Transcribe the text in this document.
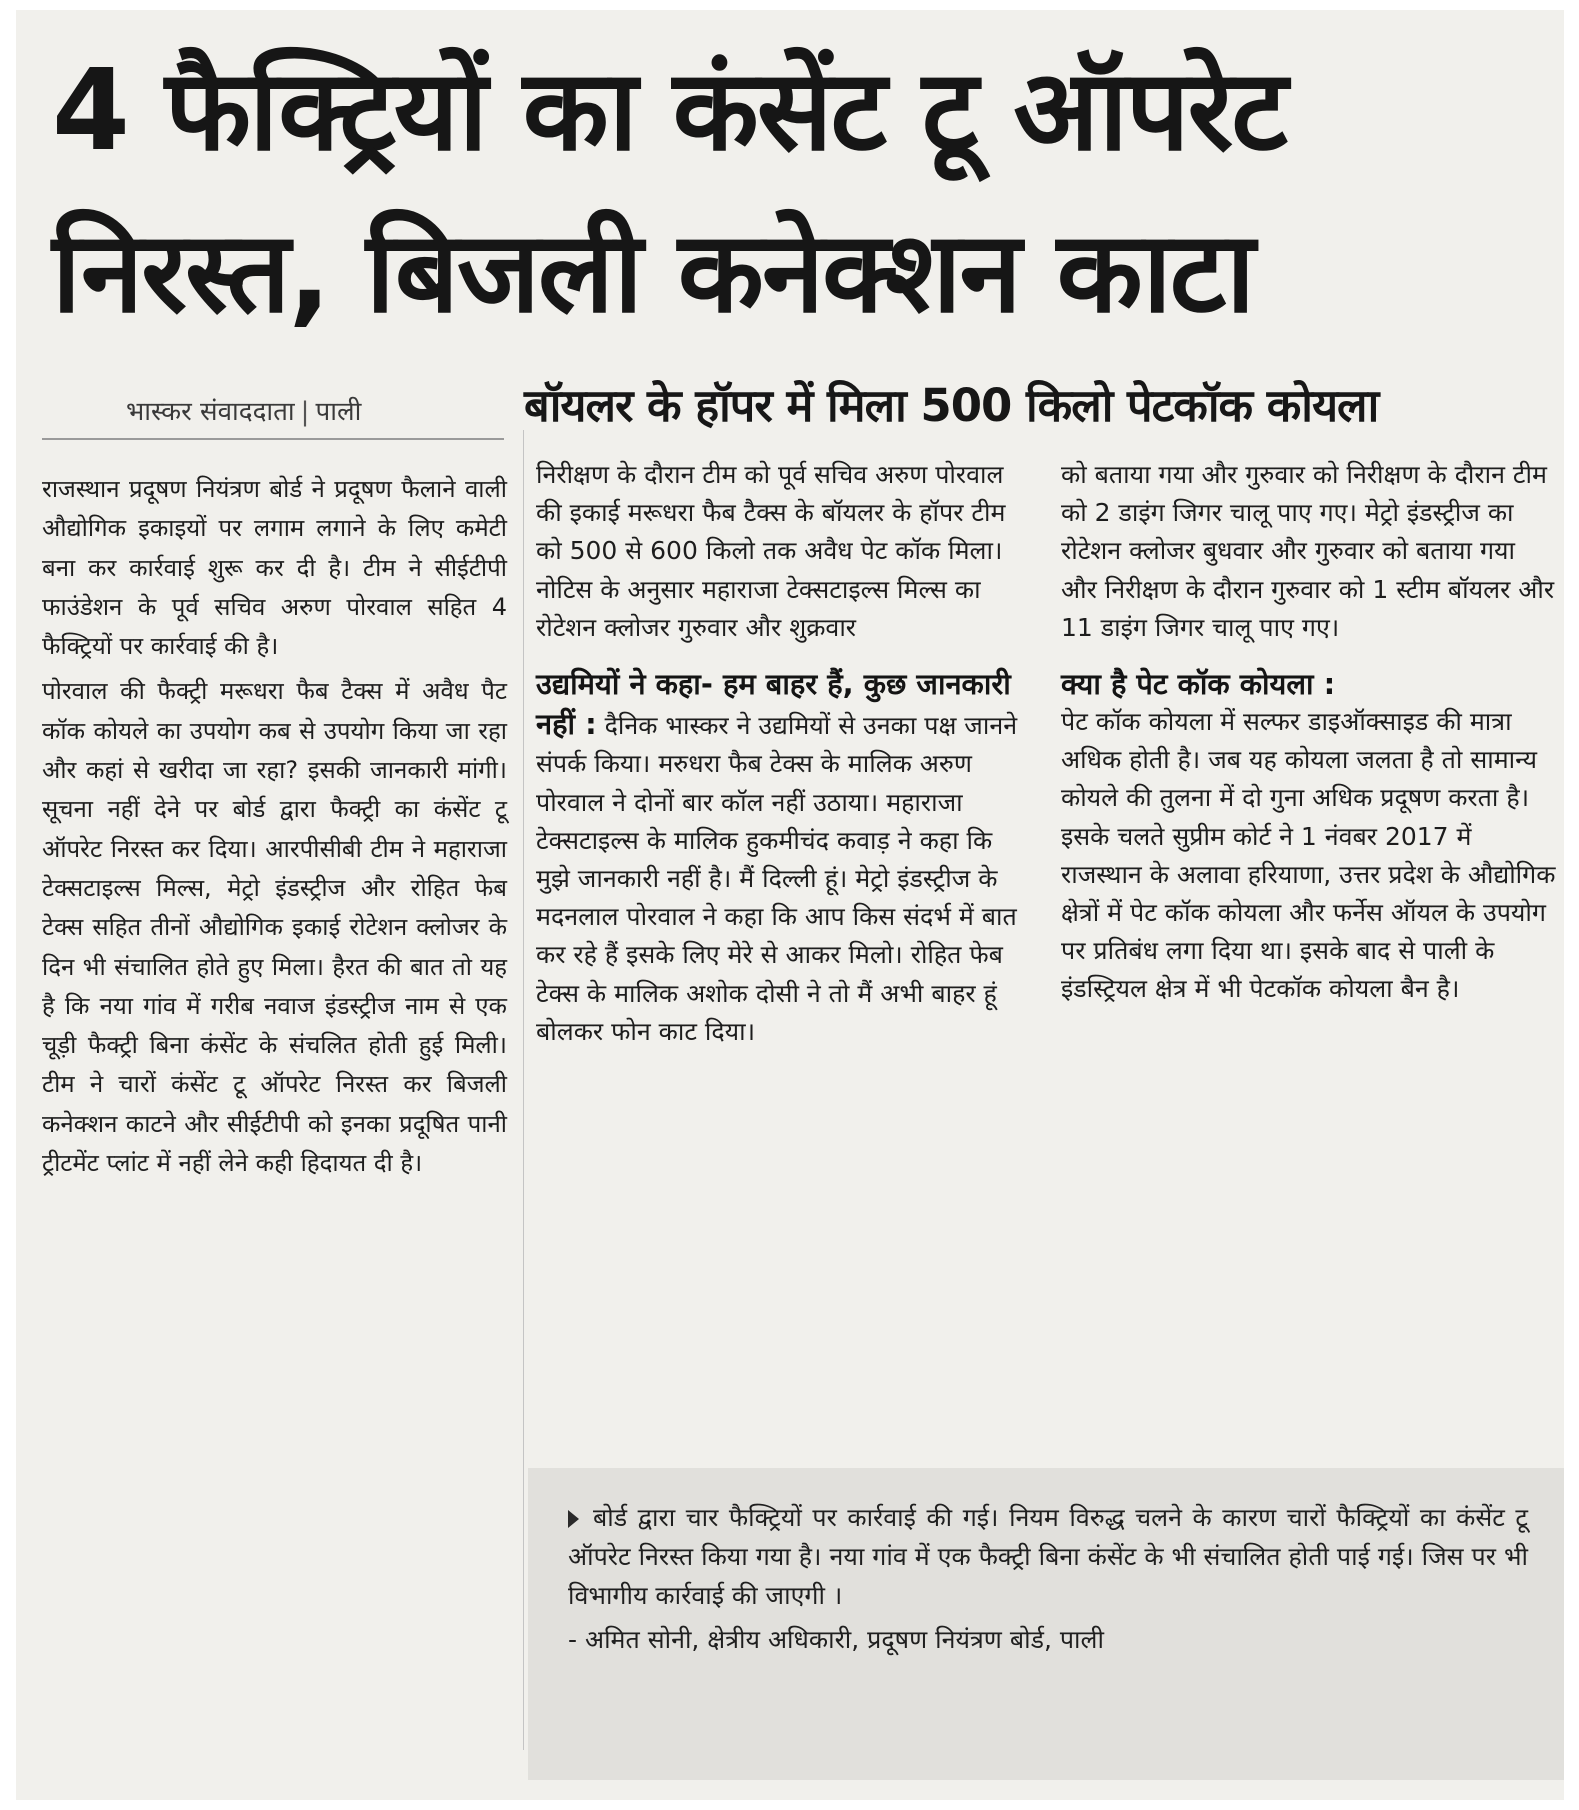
4 फैक्ट्रियों का कंसेंट टू ऑपरेट
निरस्त, बिजली कनेक्शन काटा
भास्कर संवाददाता | पाली	बॉयलर के हॉपर में मिला 500 किलो पेटकॉक कोयला

राजस्थान प्रदूषण नियंत्रण बोर्ड ने प्रदूषण फैलाने वाली औद्योगिक इकाइयों पर लगाम लगाने के लिए कमेटी बना कर कार्रवाई शुरू कर दी है। टीम ने सीईटीपी फाउंडेशन के पूर्व सचिव अरुण पोरवाल सहित 4 फैक्ट्रियों पर कार्रवाई की है।

पोरवाल की फैक्ट्री मरूधरा फैब टैक्स में अवैध पैट कॉक कोयले का उपयोग कब से उपयोग किया जा रहा और कहां से खरीदा जा रहा? इसकी जानकारी मांगी। सूचना नहीं देने पर बोर्ड द्वारा फैक्ट्री का कंसेंट टू ऑपरेट निरस्त कर दिया। आरपीसीबी टीम ने महाराजा टेक्सटाइल्स मिल्स, मेट्रो इंडस्ट्रीज और रोहित फेब टेक्स सहित तीनों औद्योगिक इकाई रोटेशन क्लोजर के दिन भी संचालित होते हुए मिला। हैरत की बात तो यह है कि नया गांव में गरीब नवाज इंडस्ट्रीज नाम से एक चूड़ी फैक्ट्री बिना कंसेंट के संचलित होती हुई मिली। टीम ने चारों कंसेंट टू ऑपरेट निरस्त कर बिजली कनेक्शन काटने और सीईटीपी को इनका प्रदूषित पानी ट्रीटमेंट प्लांट में नहीं लेने कही हिदायत दी है।

निरीक्षण के दौरान टीम को पूर्व सचिव अरुण पोरवाल की इकाई मरूधरा फैब टैक्स के बॉयलर के हॉपर टीम को 500 से 600 किलो तक अवैध पेट कॉक मिला। नोटिस के अनुसार महाराजा टेक्सटाइल्स मिल्स का रोटेशन क्लोजर गुरुवार और शुक्रवार

उद्यमियों ने कहा- हम बाहर हैं, कुछ जानकारी नहीं : दैनिक भास्कर ने उद्यमियों से उनका पक्ष जानने संपर्क किया। मरुधरा फैब टेक्स के मालिक अरुण पोरवाल ने दोनों बार कॉल नहीं उठाया। महाराजा टेक्सटाइल्स के मालिक हुकमीचंद कवाड़ ने कहा कि मुझे जानकारी नहीं है। मैं दिल्ली हूं। मेट्रो इंडस्ट्रीज के मदनलाल पोरवाल ने कहा कि आप किस संदर्भ में बात कर रहे हैं इसके लिए मेरे से आकर मिलो। रोहित फेब टेक्स के मालिक अशोक दोसी ने तो मैं अभी बाहर हूं बोलकर फोन काट दिया।

को बताया गया और गुरुवार को निरीक्षण के दौरान टीम को 2 डाइंग जिगर चालू पाए गए। मेट्रो इंडस्ट्रीज का रोटेशन क्लोजर बुधवार और गुरुवार को बताया गया और निरीक्षण के दौरान गुरुवार को 1 स्टीम बॉयलर और 11 डाइंग जिगर चालू पाए गए।

क्या है पेट कॉक कोयला :

पेट कॉक कोयला में सल्फर डाइऑक्साइड की मात्रा अधिक होती है। जब यह कोयला जलता है तो सामान्य कोयले की तुलना में दो गुना अधिक प्रदूषण करता है। इसके चलते सुप्रीम कोर्ट ने 1 नंवबर 2017 में राजस्थान के अलावा हरियाणा, उत्तर प्रदेश के औद्योगिक क्षेत्रों में पेट कॉक कोयला और फर्नेस ऑयल के उपयोग पर प्रतिबंध लगा दिया था। इसके बाद से पाली के इंडस्ट्रियल क्षेत्र में भी पेटकॉक कोयला बैन है।

बोर्ड द्वारा चार फैक्ट्रियों पर कार्रवाई की गई। नियम विरुद्ध चलने के कारण चारों फैक्ट्रियों का कंसेंट टू ऑपरेट निरस्त किया गया है। नया गांव में एक फैक्ट्री बिना कंसेंट के भी संचालित होती पाई गई। जिस पर भी विभागीय कार्रवाई की जाएगी ।

- अमित सोनी, क्षेत्रीय अधिकारी, प्रदूषण नियंत्रण बोर्ड, पाली
